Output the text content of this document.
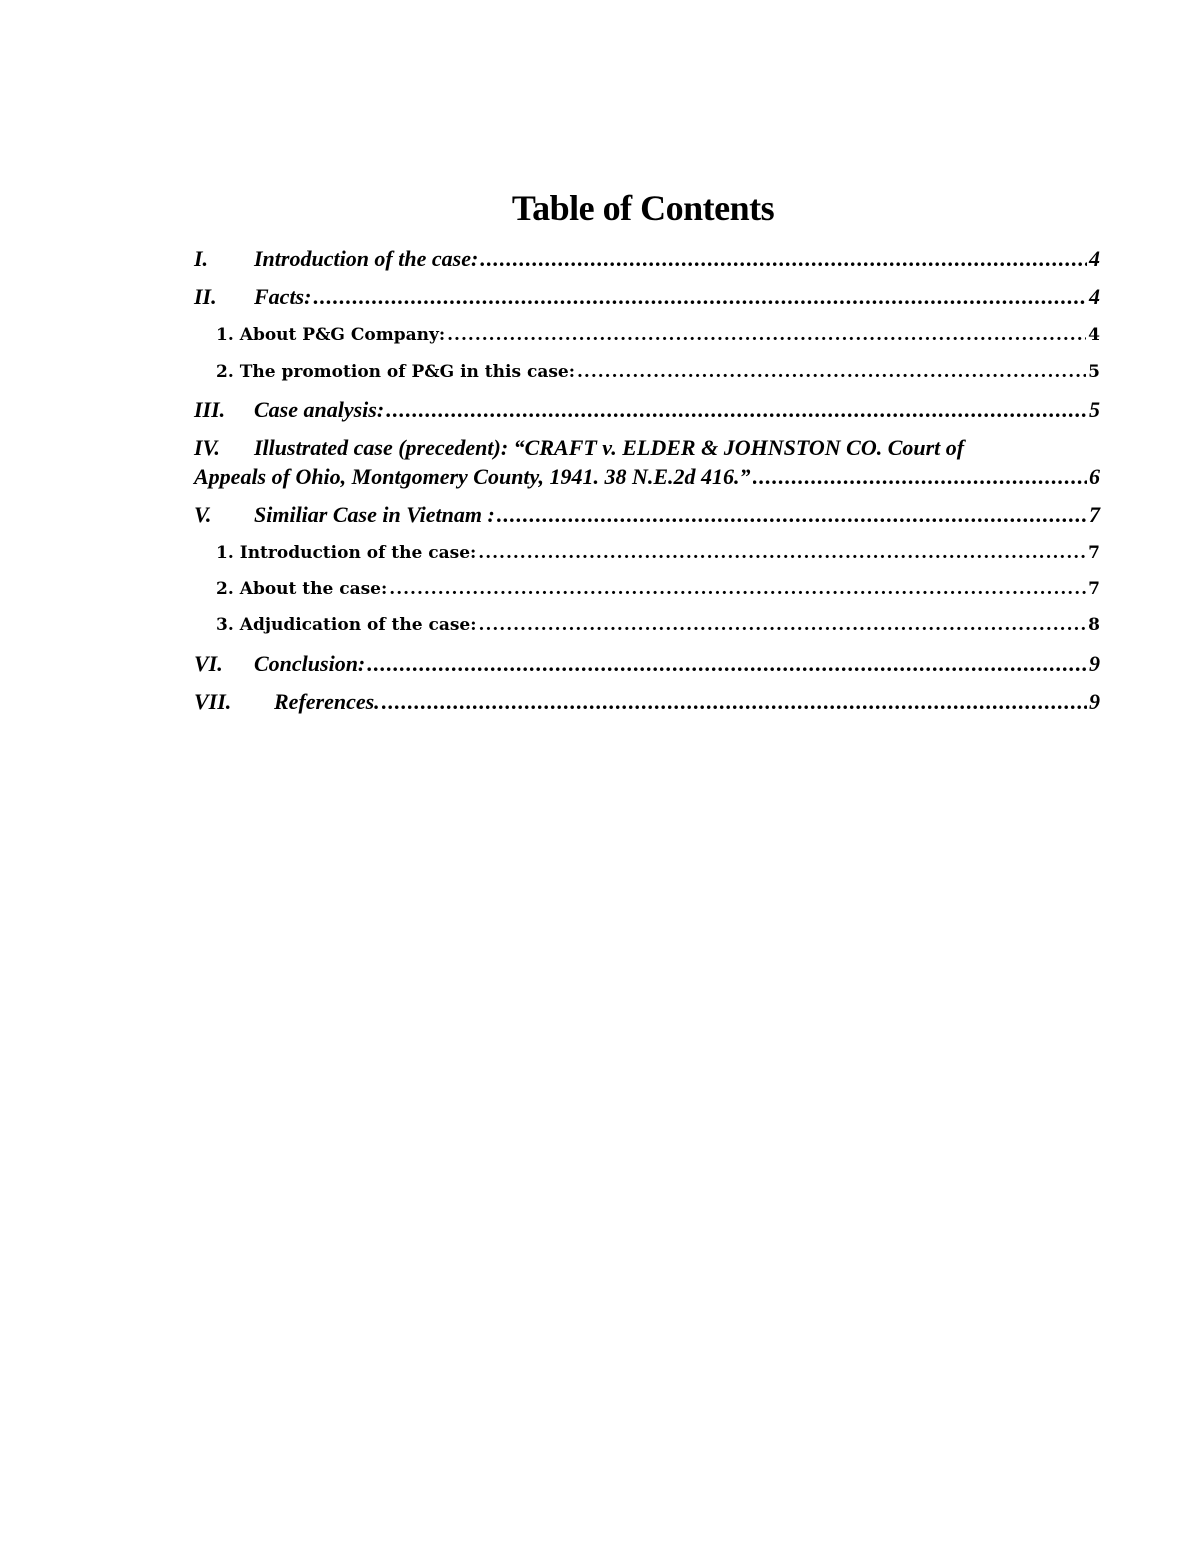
Table of Contents
I.	Introduction of the case: .....	4
II.	Facts: .....	4
1. About P&G Company: .....	4
2. The promotion of P&G in this case: .....	5
III.	Case analysis: .....	5
IV.	Illustrated case (precedent): “CRAFT v. ELDER & JOHNSTON CO. Court of
Appeals of Ohio, Montgomery County, 1941. 38 N.E.2d 416.” .....	6
V.	Similiar Case in Vietnam : .....	7
1. Introduction of the case: .....	7
2. About the case: .....	7
3. Adjudication of the case: .....	8
VI.	Conclusion: .....	9
VII.	References. .....	9
